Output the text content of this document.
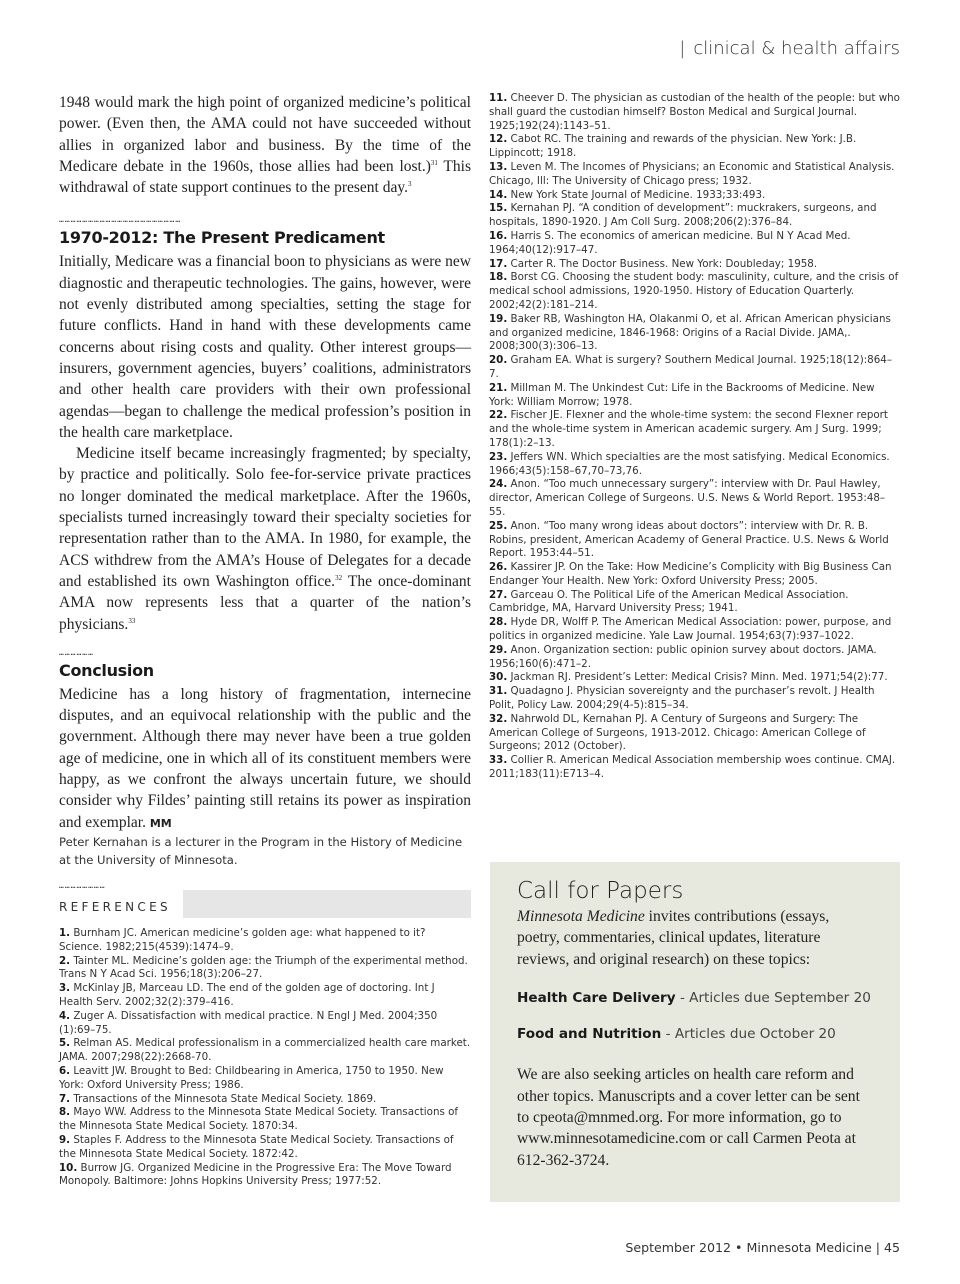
| clinical & health affairs

1948 would mark the high point of organized medicine’s political power. (Even then, the AMA could not have succeeded without allies in organized labor and business. By the time of the Medicare debate in the 1960s, those allies had been lost.)$^{31}$ This withdrawal of state support continues to the present day.$^3$

………………………………………………………
1970-2012: The Present Predicament

Initially, Medicare was a financial boon to physicians as were new diagnostic and therapeutic technologies. The gains, however, were not evenly distributed among specialties, setting the stage for future conflicts. Hand in hand with these developments came concerns about rising costs and quality. Other interest groups—insurers, government agencies, buyers’ coalitions, administrators and other health care providers with their own professional agendas—began to challenge the medical profession’s position in the health care marketplace.

Medicine itself became increasingly fragmented; by specialty, by practice and politically. Solo fee-for-service private practices no longer dominated the medical marketplace. After the 1960s, specialists turned increasingly toward their specialty societies for representation rather than to the AMA. In 1980, for example, the ACS withdrew from the AMA’s House of Delegates for a decade and established its own Washington office.$^{32}$ The once-dominant AMA now represents less that a quarter of the nation’s physicians.$^{33}$

………………
Conclusion

Medicine has a long history of fragmentation, internecine disputes, and an equivocal relationship with the public and the government. Although there may never have been a true golden age of medicine, one in which all of its constituent members were happy, as we confront the always uncertain future, we should consider why Fildes’ painting still retains its power as inspiration and exemplar. MM

Peter Kernahan is a lecturer in the Program in the History of Medicine at the University of Minnesota.
……………………
REFERENCES
1. Burnham JC. American medicine’s golden age: what happened to it? Science. 1982;215(4539):1474–9.
2. Tainter ML. Medicine’s golden age: the Triumph of the experimental method. Trans N Y Acad Sci. 1956;18(3):206–27.
3. McKinlay JB, Marceau LD. The end of the golden age of doctoring. Int J Health Serv. 2002;32(2):379–416.
4. Zuger A. Dissatisfaction with medical practice. N Engl J Med. 2004;350 (1):69–75.
5. Relman AS. Medical professionalism in a commercialized health care market. JAMA. 2007;298(22):2668-70.
6. Leavitt JW. Brought to Bed: Childbearing in America, 1750 to 1950. New York: Oxford University Press; 1986.
7. Transactions of the Minnesota State Medical Society. 1869.
8. Mayo WW. Address to the Minnesota State Medical Society. Transactions of the Minnesota State Medical Society. 1870:34.
9. Staples F. Address to the Minnesota State Medical Society. Transactions of the Minnesota State Medical Society. 1872:42.
10. Burrow JG. Organized Medicine in the Progressive Era: The Move Toward Monopoly. Baltimore: Johns Hopkins University Press; 1977:52.
11. Cheever D. The physician as custodian of the health of the people: but who shall guard the custodian himself? Boston Medical and Surgical Journal. 1925;192(24):1143–51.
12. Cabot RC. The training and rewards of the physician. New York: J.B. Lippincott; 1918.
13. Leven M. The Incomes of Physicians; an Economic and Statistical Analysis. Chicago, Ill: The University of Chicago press; 1932.
14. New York State Journal of Medicine. 1933;33:493.
15. Kernahan PJ. “A condition of development”: muckrakers, surgeons, and hospitals, 1890-1920. J Am Coll Surg. 2008;206(2):376–84.
16. Harris S. The economics of american medicine. Bul N Y Acad Med. 1964;40(12):917–47.
17. Carter R. The Doctor Business. New York: Doubleday; 1958.
18. Borst CG. Choosing the student body: masculinity, culture, and the crisis of medical school admissions, 1920-1950. History of Education Quarterly. 2002;42(2):181–214.
19. Baker RB, Washington HA, Olakanmi O, et al. African American physicians and organized medicine, 1846-1968: Origins of a Racial Divide. JAMA,. 2008;300(3):306–13.
20. Graham EA. What is surgery? Southern Medical Journal. 1925;18(12):864–7.
21. Millman M. The Unkindest Cut: Life in the Backrooms of Medicine. New York: William Morrow; 1978.
22. Fischer JE. Flexner and the whole-time system: the second Flexner report and the whole-time system in American academic surgery. Am J Surg. 1999; 178(1):2–13.
23. Jeffers WN. Which specialties are the most satisfying. Medical Economics. 1966;43(5):158–67,70–73,76.
24. Anon. “Too much unnecessary surgery”: interview with Dr. Paul Hawley, director, American College of Surgeons. U.S. News & World Report. 1953:48–55.
25. Anon. “Too many wrong ideas about doctors”: interview with Dr. R. B. Robins, president, American Academy of General Practice. U.S. News & World Report. 1953:44–51.
26. Kassirer JP. On the Take: How Medicine’s Complicity with Big Business Can Endanger Your Health. New York: Oxford University Press; 2005.
27. Garceau O. The Political Life of the American Medical Association. Cambridge, MA, Harvard University Press; 1941.
28. Hyde DR, Wolff P. The American Medical Association: power, purpose, and politics in organized medicine. Yale Law Journal. 1954;63(7):937–1022.
29. Anon. Organization section: public opinion survey about doctors. JAMA. 1956;160(6):471–2.
30. Jackman RJ. President’s Letter: Medical Crisis? Minn. Med. 1971;54(2):77.
31. Quadagno J. Physician sovereignty and the purchaser’s revolt. J Health Polit, Policy Law. 2004;29(4-5):815–34.
32. Nahrwold DL, Kernahan PJ. A Century of Surgeons and Surgery: The American College of Surgeons, 1913-2012. Chicago: American College of Surgeons; 2012 (October).
33. Collier R. American Medical Association membership woes continue. CMAJ. 2011;183(11):E713–4.
Call for Papers
Minnesota Medicine invites contributions (essays, poetry, commentaries, clinical updates, literature reviews, and original research) on these topics:
Health Care Delivery - Articles due September 20
Food and Nutrition - Articles due October 20
We are also seeking articles on health care reform and other topics. Manuscripts and a cover letter can be sent to cpeota@mnmed.org. For more information, go to www.minnesotamedicine.com or call Carmen Peota at 612-362-3724.
September 2012 • Minnesota Medicine | 45
